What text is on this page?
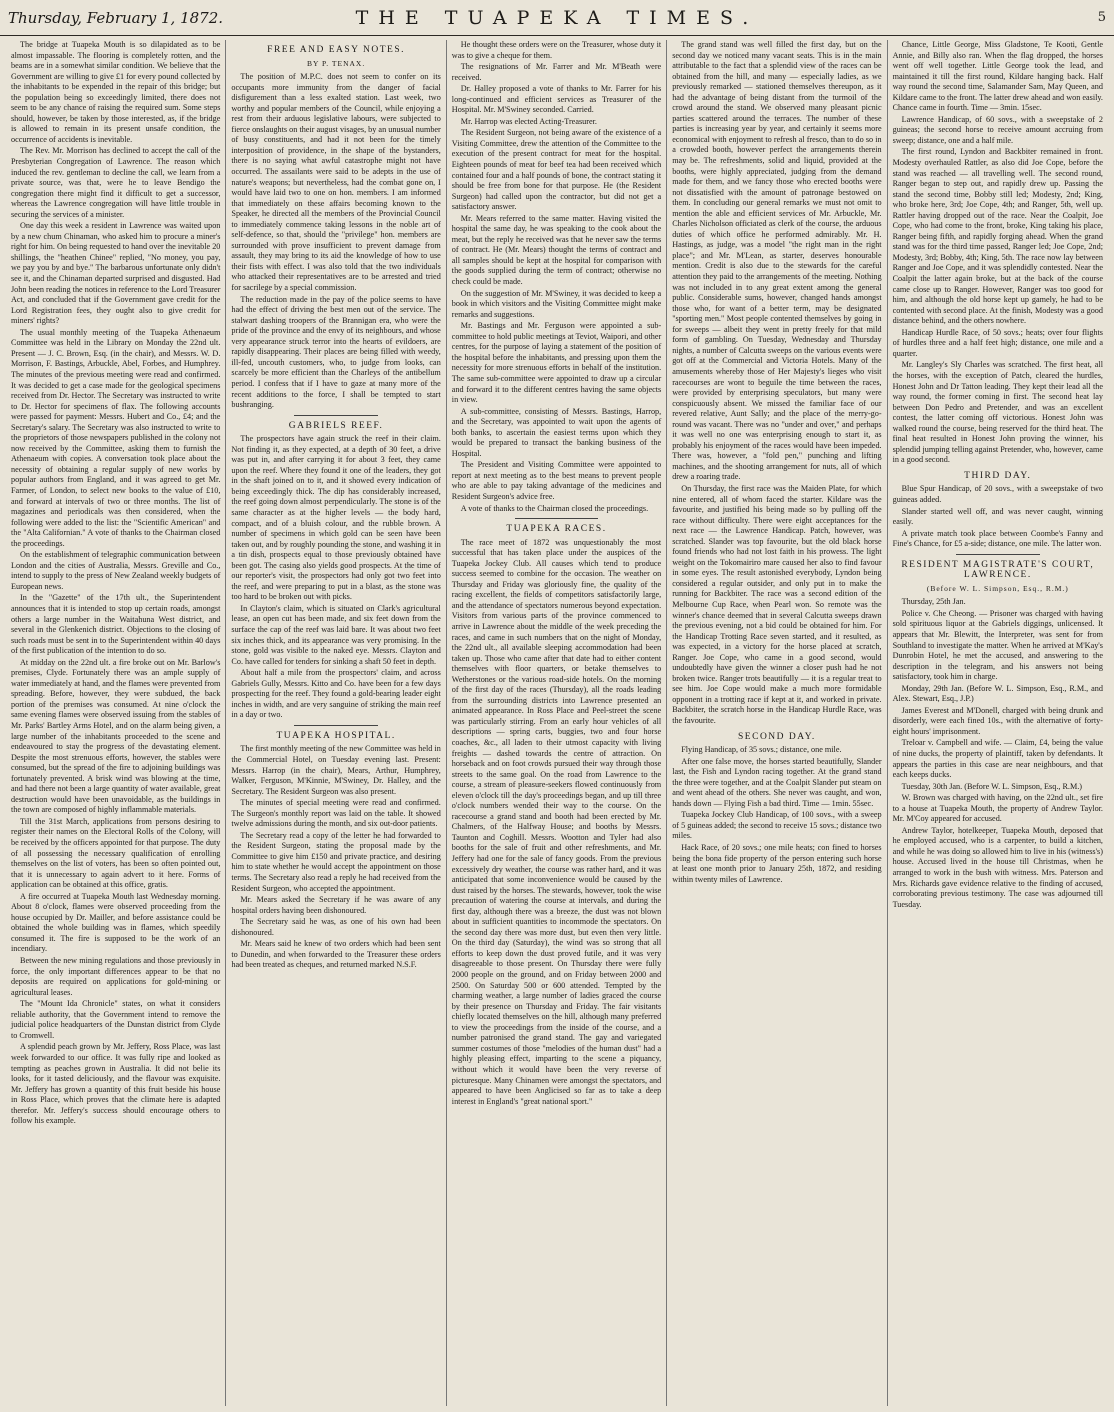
Thursday, February 1, 1872.	THE TUAPEKA TIMES.	5

The bridge at Tuapeka Mouth is so dilapidated as to be almost impassable. The flooring is completely rotten, and the beams are in a somewhat similar condition. We believe that the Government are willing to give £1 for every pound collected by the inhabitants to be expended in the repair of this bridge; but the population being so exceedingly limited, there does not seem to be any chance of raising the required sum. Some steps should, however, be taken by those interested, as, if the bridge is allowed to remain in its present unsafe condition, the occurrence of accidents is inevitable.

The Rev. Mr. Morrison has declined to accept the call of the Presbyterian Congregation of Lawrence. The reason which induced the rev. gentleman to decline the call, we learn from a private source, was that, were he to leave Bendigo the congregation there might find it difficult to get a successor, whereas the Lawrence congregation will have little trouble in securing the services of a minister.

One day this week a resident in Lawrence was waited upon by a new chum Chinaman, who asked him to procure a miner's right for him. On being requested to hand over the inevitable 20 shillings, the "heathen Chinee" replied, "No money, you pay, we pay you by and bye." The barbarous unfortunate only didn't see it, and the Chinaman departed surprised and disgusted. Had John been reading the notices in reference to the Lord Treasurer Act, and concluded that if the Government gave credit for the Lord Registration fees, they ought also to give credit for miners' rights?

The usual monthly meeting of the Tuapeka Athenaeum Committee was held in the Library on Monday the 22nd ult. Present — J. C. Brown, Esq. (in the chair), and Messrs. W. D. Morrison, F. Bastings, Arbuckle, Abel, Forbes, and Humphrey. The minutes of the previous meeting were read and confirmed. It was decided to get a case made for the geological specimens received from Dr. Hector. The Secretary was instructed to write to Dr. Hector for specimens of flax. The following accounts were passed for payment: Messrs. Hubert and Co., £4; and the Secretary's salary. The Secretary was also instructed to write to the proprietors of those newspapers published in the colony not now received by the Committee, asking them to furnish the Athenaeum with copies. A conversation took place about the necessity of obtaining a regular supply of new works by popular authors from England, and it was agreed to get Mr. Farmer, of London, to select new books to the value of £10, and forward at intervals of two or three months. The list of magazines and periodicals was then considered, when the following were added to the list: the "Scientific American" and the "Alta Californian." A vote of thanks to the Chairman closed the proceedings.

On the establishment of telegraphic communication between London and the cities of Australia, Messrs. Greville and Co., intend to supply to the press of New Zealand weekly budgets of European news.

In the "Gazette" of the 17th ult., the Superintendent announces that it is intended to stop up certain roads, amongst others a large number in the Waitahuna West district, and several in the Glenkenich district. Objections to the closing of such roads must be sent in to the Superintendent within 40 days of the first publication of the intention to do so.

At midday on the 22nd ult. a fire broke out on Mr. Barlow's premises, Clyde. Fortunately there was an ample supply of water immediately at hand, and the flames were prevented from spreading. Before, however, they were subdued, the back portion of the premises was consumed. At nine o'clock the same evening flames were observed issuing from the stables of Mr. Parks' Bartley Arms Hotel, and on the alarm being given, a large number of the inhabitants proceeded to the scene and endeavoured to stay the progress of the devastating element. Despite the most strenuous efforts, however, the stables were consumed, but the spread of the fire to adjoining buildings was fortunately prevented. A brisk wind was blowing at the time, and had there not been a large quantity of water available, great destruction would have been unavoidable, as the buildings in the town are composed of highly inflammable materials.

Till the 31st March, applications from persons desiring to register their names on the Electoral Rolls of the Colony, will be received by the officers appointed for that purpose. The duty of all possessing the necessary qualification of enrolling themselves on the list of voters, has been so often pointed out, that it is unnecessary to again advert to it here. Forms of application can be obtained at this office, gratis.

A fire occurred at Tuapeka Mouth last Wednesday morning. About 8 o'clock, flames were observed proceeding from the house occupied by Dr. Mailler, and before assistance could be obtained the whole building was in flames, which speedily consumed it. The fire is supposed to be the work of an incendiary.

Between the new mining regulations and those previously in force, the only important differences appear to be that no deposits are required on applications for gold-mining or agricultural leases.

The "Mount Ida Chronicle" states, on what it considers reliable authority, that the Government intend to remove the judicial police headquarters of the Dunstan district from Clyde to Cromwell.

A splendid peach grown by Mr. Jeffery, Ross Place, was last week forwarded to our office. It was fully ripe and looked as tempting as peaches grown in Australia. It did not belie its looks, for it tasted deliciously, and the flavour was exquisite. Mr. Jeffery has grown a quantity of this fruit beside his house in Ross Place, which proves that the climate here is adapted therefor. Mr. Jeffery's success should encourage others to follow his example.

FREE AND EASY NOTES.
BY P. TENAX.

The position of M.P.C. does not seem to confer on its occupants more immunity from the danger of facial disfigurement than a less exalted station. Last week, two worthy and popular members of the Council, while enjoying a rest from their arduous legislative labours, were subjected to fierce onslaughts on their august visages, by an unusual number of busy constituents, and had it not been for the timely interposition of providence, in the shape of the bystanders, there is no saying what awful catastrophe might not have occurred. The assailants were said to be adepts in the use of nature's weapons; but nevertheless, had the combat gone on, I would have laid two to one on hon. members. I am informed that immediately on these affairs becoming known to the Speaker, he directed all the members of the Provincial Council to immediately commence taking lessons in the noble art of self-defence, so that, should the "privilege" hon. members are surrounded with prove insufficient to prevent damage from assault, they may bring to its aid the knowledge of how to use their fists with effect. I was also told that the two individuals who attacked their representatives are to be arrested and tried for sacrilege by a special commission.

The reduction made in the pay of the police seems to have had the effect of driving the best men out of the service. The stalwart dashing troopers of the Brannigan era, who were the pride of the province and the envy of its neighbours, and whose very appearance struck terror into the hearts of evildoers, are rapidly disappearing. Their places are being filled with weedy, ill-fed, uncouth customers, who, to judge from looks, can scarcely be more efficient than the Charleys of the antibellum period. I confess that if I have to gaze at many more of the recent additions to the force, I shall be tempted to start bushranging.

GABRIELS REEF.

The prospectors have again struck the reef in their claim. Not finding it, as they expected, at a depth of 30 feet, a drive was put in, and after carrying it for about 3 feet, they came upon the reef. Where they found it one of the leaders, they got in the shaft joined on to it, and it showed every indication of being exceedingly thick. The dip has considerably increased, the reef going down almost perpendicularly. The stone is of the same character as at the higher levels — the body hard, compact, and of a bluish colour, and the rubble brown. A number of specimens in which gold can be seen have been taken out, and by roughly pounding the stone, and washing it in a tin dish, prospects equal to those previously obtained have been got. The casing also yields good prospects. At the time of our reporter's visit, the prospectors had only got two feet into the reef, and were preparing to put in a blast, as the stone was too hard to be broken out with picks.

In Clayton's claim, which is situated on Clark's agricultural lease, an open cut has been made, and six feet down from the surface the cap of the reef was laid bare. It was about two feet six inches thick, and its appearance was very promising. In the stone, gold was visible to the naked eye. Messrs. Clayton and Co. have called for tenders for sinking a shaft 50 feet in depth.

About half a mile from the prospectors' claim, and across Gabriels Gully, Messrs. Kitto and Co. have been for a few days prospecting for the reef. They found a gold-bearing leader eight inches in width, and are very sanguine of striking the main reef in a day or two.

TUAPEKA HOSPITAL.

The first monthly meeting of the new Committee was held in the Commercial Hotel, on Tuesday evening last. Present: Messrs. Harrop (in the chair), Mears, Arthur, Humphrey, Walker, Ferguson, M'Kinnie, M'Swiney, Dr. Halley, and the Secretary. The Resident Surgeon was also present.

The minutes of special meeting were read and confirmed. The Surgeon's monthly report was laid on the table. It showed twelve admissions during the month, and six out-door patients.

The Secretary read a copy of the letter he had forwarded to the Resident Surgeon, stating the proposal made by the Committee to give him £150 and private practice, and desiring him to state whether he would accept the appointment on those terms. The Secretary also read a reply he had received from the Resident Surgeon, who accepted the appointment.

Mr. Mears asked the Secretary if he was aware of any hospital orders having been dishonoured.

The Secretary said he was, as one of his own had been dishonoured.

Mr. Mears said he knew of two orders which had been sent to Dunedin, and when forwarded to the Treasurer these orders had been treated as cheques, and returned marked N.S.F.

He thought these orders were on the Treasurer, whose duty it was to give a cheque for them.

The resignations of Mr. Farrer and Mr. M'Beath were received.

Dr. Halley proposed a vote of thanks to Mr. Farrer for his long-continued and efficient services as Treasurer of the Hospital. Mr. M'Swiney seconded. Carried.

Mr. Harrop was elected Acting-Treasurer.

The Resident Surgeon, not being aware of the existence of a Visiting Committee, drew the attention of the Committee to the execution of the present contract for meat for the hospital. Eighteen pounds of meat for beef tea had been received which contained four and a half pounds of bone, the contract stating it should be free from bone for that purpose. He (the Resident Surgeon) had called upon the contractor, but did not get a satisfactory answer.

Mr. Mears referred to the same matter. Having visited the hospital the same day, he was speaking to the cook about the meat, but the reply he received was that he never saw the terms of contract. He (Mr. Mears) thought the terms of contract and all samples should be kept at the hospital for comparison with the goods supplied during the term of contract; otherwise no check could be made.

On the suggestion of Mr. M'Swiney, it was decided to keep a book in which visitors and the Visiting Committee might make remarks and suggestions.

Mr. Bastings and Mr. Ferguson were appointed a sub-committee to hold public meetings at Teviot, Waipori, and other centres, for the purpose of laying a statement of the position of the hospital before the inhabitants, and pressing upon them the necessity for more strenuous efforts in behalf of the institution. The same sub-committee were appointed to draw up a circular and forward it to the different centres having the same objects in view.

A sub-committee, consisting of Messrs. Bastings, Harrop, and the Secretary, was appointed to wait upon the agents of both banks, to ascertain the easiest terms upon which they would be prepared to transact the banking business of the Hospital.

The President and Visiting Committee were appointed to report at next meeting as to the best means to prevent people who are able to pay taking advantage of the medicines and Resident Surgeon's advice free.

A vote of thanks to the Chairman closed the proceedings.

TUAPEKA RACES.

The race meet of 1872 was unquestionably the most successful that has taken place under the auspices of the Tuapeka Jockey Club. All causes which tend to produce success seemed to combine for the occasion. The weather on Thursday and Friday was gloriously fine, the quality of the racing excellent, the fields of competitors satisfactorily large, and the attendance of spectators numerous beyond expectation. Visitors from various parts of the province commenced to arrive in Lawrence about the middle of the week preceding the races, and came in such numbers that on the night of Monday, the 22nd ult., all available sleeping accommodation had been taken up. Those who came after that date had to either content themselves with floor quarters, or betake themselves to Wetherstones or the various road-side hotels. On the morning of the first day of the races (Thursday), all the roads leading from the surrounding districts into Lawrence presented an animated appearance. In Ross Place and Peel-street the scene was particularly stirring. From an early hour vehicles of all descriptions — spring carts, buggies, two and four horse coaches, &c., all laden to their utmost capacity with living freights — dashed towards the centre of attraction. On horseback and on foot crowds pursued their way through those streets to the same goal. On the road from Lawrence to the course, a stream of pleasure-seekers flowed continuously from eleven o'clock till the day's proceedings began, and up till three o'clock numbers wended their way to the course. On the racecourse a grand stand and booth had been erected by Mr. Chalmers, of the Halfway House; and booths by Messrs. Taunton and Coghill. Messrs. Wootton and Tyler had also booths for the sale of fruit and other refreshments, and Mr. Jeffery had one for the sale of fancy goods. From the previous excessively dry weather, the course was rather hard, and it was anticipated that some inconvenience would be caused by the dust raised by the horses. The stewards, however, took the wise precaution of watering the course at intervals, and during the first day, although there was a breeze, the dust was not blown about in sufficient quantities to incommode the spectators. On the second day there was more dust, but even then very little. On the third day (Saturday), the wind was so strong that all efforts to keep down the dust proved futile, and it was very disagreeable to those present. On Thursday there were fully 2000 people on the ground, and on Friday between 2000 and 2500. On Saturday 500 or 600 attended. Tempted by the charming weather, a large number of ladies graced the course by their presence on Thursday and Friday. The fair visitants chiefly located themselves on the hill, although many preferred to view the proceedings from the inside of the course, and a number patronised the grand stand. The gay and variegated summer costumes of those "melodies of the human dust" had a highly pleasing effect, imparting to the scene a piquancy, without which it would have been the very reverse of picturesque. Many Chinamen were amongst the spectators, and appeared to have been Anglicised so far as to take a deep interest in England's "great national sport."

The grand stand was well filled the first day, but on the second day we noticed many vacant seats. This is in the main attributable to the fact that a splendid view of the races can be obtained from the hill, and many — especially ladies, as we previously remarked — stationed themselves thereupon, as it had the advantage of being distant from the turmoil of the crowd around the stand. We observed many pleasant picnic parties scattered around the terraces. The number of these parties is increasing year by year, and certainly it seems more economical with enjoyment to refresh al fresco, than to do so in a crowded booth, however perfect the arrangements therein may be. The refreshments, solid and liquid, provided at the booths, were highly appreciated, judging from the demand made for them, and we fancy those who erected booths were not dissatisfied with the amount of patronage bestowed on them. In concluding our general remarks we must not omit to mention the able and efficient services of Mr. Arbuckle, Mr. Charles Nicholson officiated as clerk of the course, the arduous duties of which office he performed admirably. Mr. H. Hastings, as judge, was a model "the right man in the right place"; and Mr. M'Lean, as starter, deserves honourable mention. Credit is also due to the stewards for the careful attention they paid to the arrangements of the meeting. Nothing was not included in to any great extent among the general public. Considerable sums, however, changed hands amongst those who, for want of a better term, may be designated "sporting men." Most people contented themselves by going in for sweeps — albeit they went in pretty freely for that mild form of gambling. On Tuesday, Wednesday and Thursday nights, a number of Calcutta sweeps on the various events were got off at the Commercial and Victoria Hotels. Many of the amusements whereby those of Her Majesty's lieges who visit racecourses are wont to beguile the time between the races, were provided by enterprising speculators, but many were conspicuously absent. We missed the familiar face of our revered relative, Aunt Sally; and the place of the merry-go-round was vacant. There was no "under and over," and perhaps it was well no one was enterprising enough to start it, as probably his enjoyment of the races would have been impeded. There was, however, a "fold pen," punching and lifting machines, and the shooting arrangement for nuts, all of which drew a roaring trade.

On Thursday, the first race was the Maiden Plate, for which nine entered, all of whom faced the starter. Kildare was the favourite, and justified his being made so by pulling off the race without difficulty. There were eight acceptances for the next race — the Lawrence Handicap. Patch, however, was scratched. Slander was top favourite, but the old black horse found friends who had not lost faith in his prowess. The light weight on the Tokomairiro mare caused her also to find favour in some eyes. The result astonished everybody, Lyndon being considered a regular outsider, and only put in to make the running for Backbiter. The race was a second edition of the Melbourne Cup Race, when Pearl won. So remote was the winner's chance deemed that in several Calcutta sweeps drawn the previous evening, not a bid could be obtained for him. For the Handicap Trotting Race seven started, and it resulted, as was expected, in a victory for the horse placed at scratch, Ranger. Joe Cope, who came in a good second, would undoubtedly have given the winner a closer push had he not broken twice. Ranger trots beautifully — it is a regular treat to see him. Joe Cope would make a much more formidable opponent in a trotting race if kept at it, and worked in private. Backbiter, the scratch horse in the Handicap Hurdle Race, was the favourite.

SECOND DAY.

Flying Handicap, of 35 sovs.; distance, one mile.

After one false move, the horses started beautifully, Slander last, the Fish and Lyndon racing together. At the grand stand the three were together, and at the Coalpit Slander put steam on and went ahead of the others. She never was caught, and won, hands down — Flying Fish a bad third. Time — 1min. 55sec.

Tuapeka Jockey Club Handicap, of 100 sovs., with a sweep of 5 guineas added; the second to receive 15 sovs.; distance two miles.

Hack Race, of 20 sovs.; one mile heats; con fined to horses being the bona fide property of the person entering such horse at least one month prior to January 25th, 1872, and residing within twenty miles of Lawrence.

Chance, Little George, Miss Gladstone, Te Kooti, Gentle Annie, and Billy also ran. When the flag dropped, the horses went off well together. Little George took the lead, and maintained it till the first round, Kildare hanging back. Half way round the second time, Salamander Sam, May Queen, and Kildare came to the front. The latter drew ahead and won easily. Chance came in fourth. Time — 3min. 15sec.

Lawrence Handicap, of 60 sovs., with a sweepstake of 2 guineas; the second horse to receive amount accruing from sweep; distance, one and a half mile.

The first round, Lyndon and Backbiter remained in front. Modesty overhauled Rattler, as also did Joe Cope, before the stand was reached — all travelling well. The second round, Ranger began to step out, and rapidly drew up. Passing the stand the second time, Bobby still led; Modesty, 2nd; King, who broke here, 3rd; Joe Cope, 4th; and Ranger, 5th, well up. Rattler having dropped out of the race. Near the Coalpit, Joe Cope, who had come to the front, broke, King taking his place, Ranger being fifth, and rapidly forging ahead. When the grand stand was for the third time passed, Ranger led; Joe Cope, 2nd; Modesty, 3rd; Bobby, 4th; King, 5th. The race now lay between Ranger and Joe Cope, and it was splendidly contested. Near the Coalpit the latter again broke, but at the back of the course came close up to Ranger. However, Ranger was too good for him, and although the old horse kept up gamely, he had to be contented with second place. At the finish, Modesty was a good distance behind, and the others nowhere.

Handicap Hurdle Race, of 50 sovs.; heats; over four flights of hurdles three and a half feet high; distance, one mile and a quarter.

Mr. Langley's Sly Charles was scratched. The first heat, all the horses, with the exception of Patch, cleared the hurdles, Honest John and Dr Tatton leading. They kept their lead all the way round, the former coming in first. The second heat lay between Don Pedro and Pretender, and was an excellent contest, the latter coming off victorious. Honest John was walked round the course, being reserved for the third heat. The final heat resulted in Honest John proving the winner, his splendid jumping telling against Pretender, who, however, came in a good second.

THIRD DAY.

Blue Spur Handicap, of 20 sovs., with a sweepstake of two guineas added.

Slander started well off, and was never caught, winning easily.

A private match took place between Coombe's Fanny and Fine's Chance, for £5 a-side; distance, one mile. The latter won.

RESIDENT MAGISTRATE'S COURT, LAWRENCE.
(Before W. L. Simpson, Esq., R.M.)

Thursday, 25th Jan.

Police v. Che Cheong. — Prisoner was charged with having sold spirituous liquor at the Gabriels diggings, unlicensed. It appears that Mr. Blewitt, the Interpreter, was sent for from Southland to investigate the matter. When he arrived at M'Kay's Dunrobin Hotel, he met the accused, and answering to the description in the telegram, and his answers not being satisfactory, took him in charge.

Monday, 29th Jan. (Before W. L. Simpson, Esq., R.M., and Alex. Stewart, Esq., J.P.)

James Everest and M'Donell, charged with being drunk and disorderly, were each fined 10s., with the alternative of forty-eight hours' imprisonment.

Treloar v. Campbell and wife. — Claim, £4, being the value of nine ducks, the property of plaintiff, taken by defendants. It appears the parties in this case are near neighbours, and that each keeps ducks.

Tuesday, 30th Jan. (Before W. L. Simpson, Esq., R.M.)

W. Brown was charged with having, on the 22nd ult., set fire to a house at Tuapeka Mouth, the property of Andrew Taylor. Mr. M'Coy appeared for accused.

Andrew Taylor, hotelkeeper, Tuapeka Mouth, deposed that he employed accused, who is a carpenter, to build a kitchen, and while he was doing so allowed him to live in his (witness's) house. Accused lived in the house till Christmas, when he arranged to work in the bush with witness. Mrs. Paterson and Mrs. Richards gave evidence relative to the finding of accused, corroborating previous testimony. The case was adjourned till Tuesday.
